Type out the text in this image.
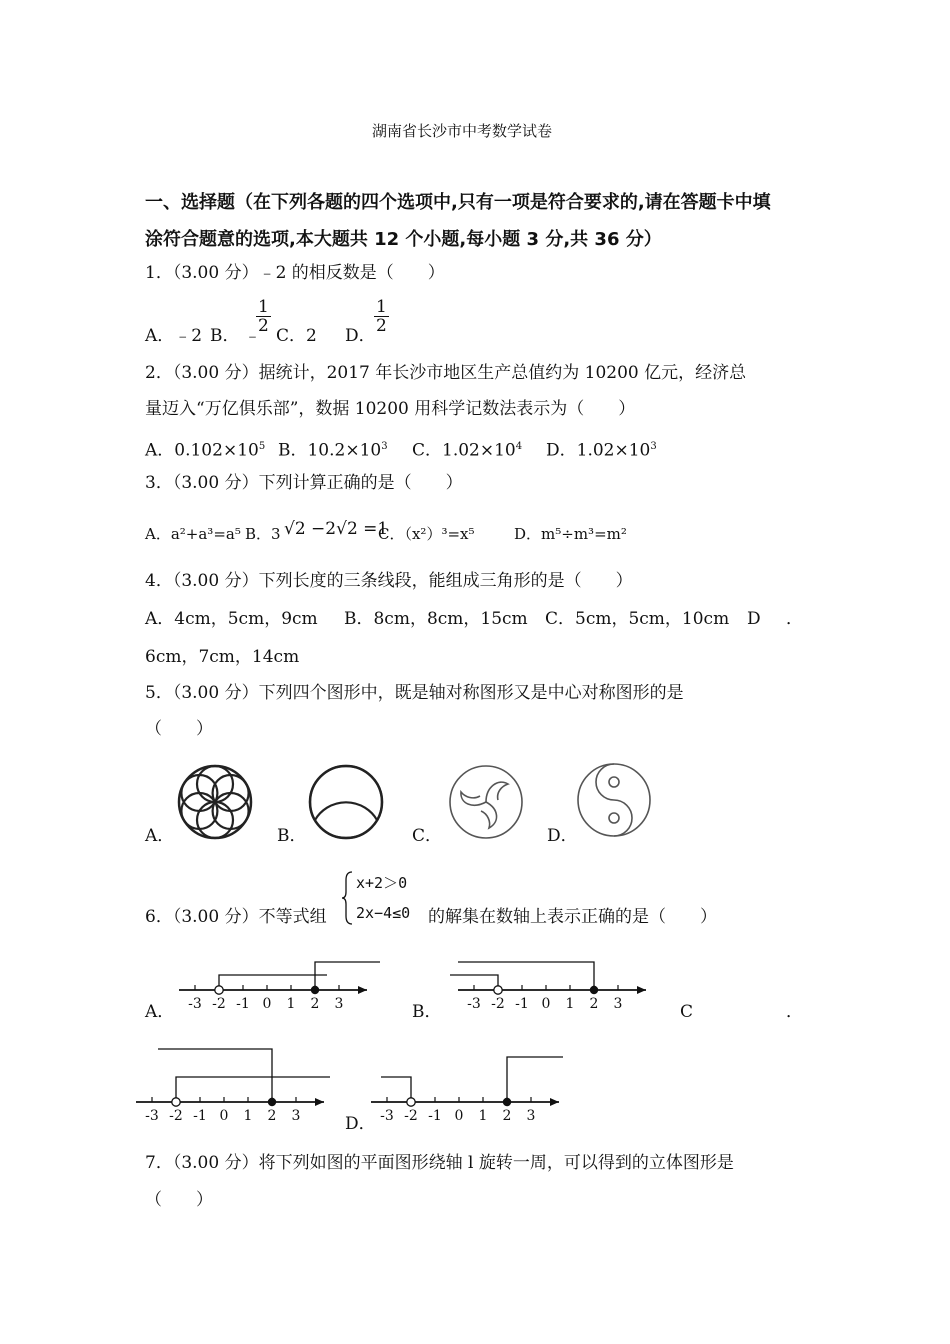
湖南省长沙市中考数学试卷
一、选择题（在下列各题的四个选项中,只有一项是符合要求的,请在答题卡中填
涂符合题意的选项,本大题共 12 个小题,每小题 3 分,共 36 分）
1．（3.00 分）﹣2 的相反数是（　　）
A．﹣2 B． ﹣
$\frac{1}{2}$
C．2 D．
$\frac{1}{2}$
2．（3.00 分）据统计，2017 年长沙市地区生产总值约为 10200 亿元，经济总
量迈入“万亿俱乐部”，数据 10200 用科学记数法表示为（　　）
A．$0.102\times 10^5$ B．$10.2\times 10^3$ C．$1.02\times 10^4$ D．$1.02\times 10^3$
3．（3.00 分）下列计算正确的是（　　）
A．a²+a³=a⁵ B．3 √2 −2√2 =1
C．（x²）³=x⁵	D．m⁵÷m³=m²
4．（3.00 分）下列长度的三条线段，能组成三角形的是（　　）
A．4cm，5cm，9cm B．8cm，8cm，15cm C．5cm，5cm，10cm D ．
6cm，7cm，14cm
5．（3.00 分）下列四个图形中，既是轴对称图形又是中心对称图形的是
（　　）
A．	B．	C．	D．
6．（3.00 分）不等式组
x+2＞0
2x−4≤0 的解集在数轴上表示正确的是（　　）
A． -3 -2 -1 0 1 2 3	B． -3 -2 -1 0 1 2 3	C	．
-3 -2 -1 0 1 2 3	D． -3 -2 -1 0 1 2 3
7．（3.00 分）将下列如图的平面图形绕轴 l 旋转一周，可以得到的立体图形是
（　　）
